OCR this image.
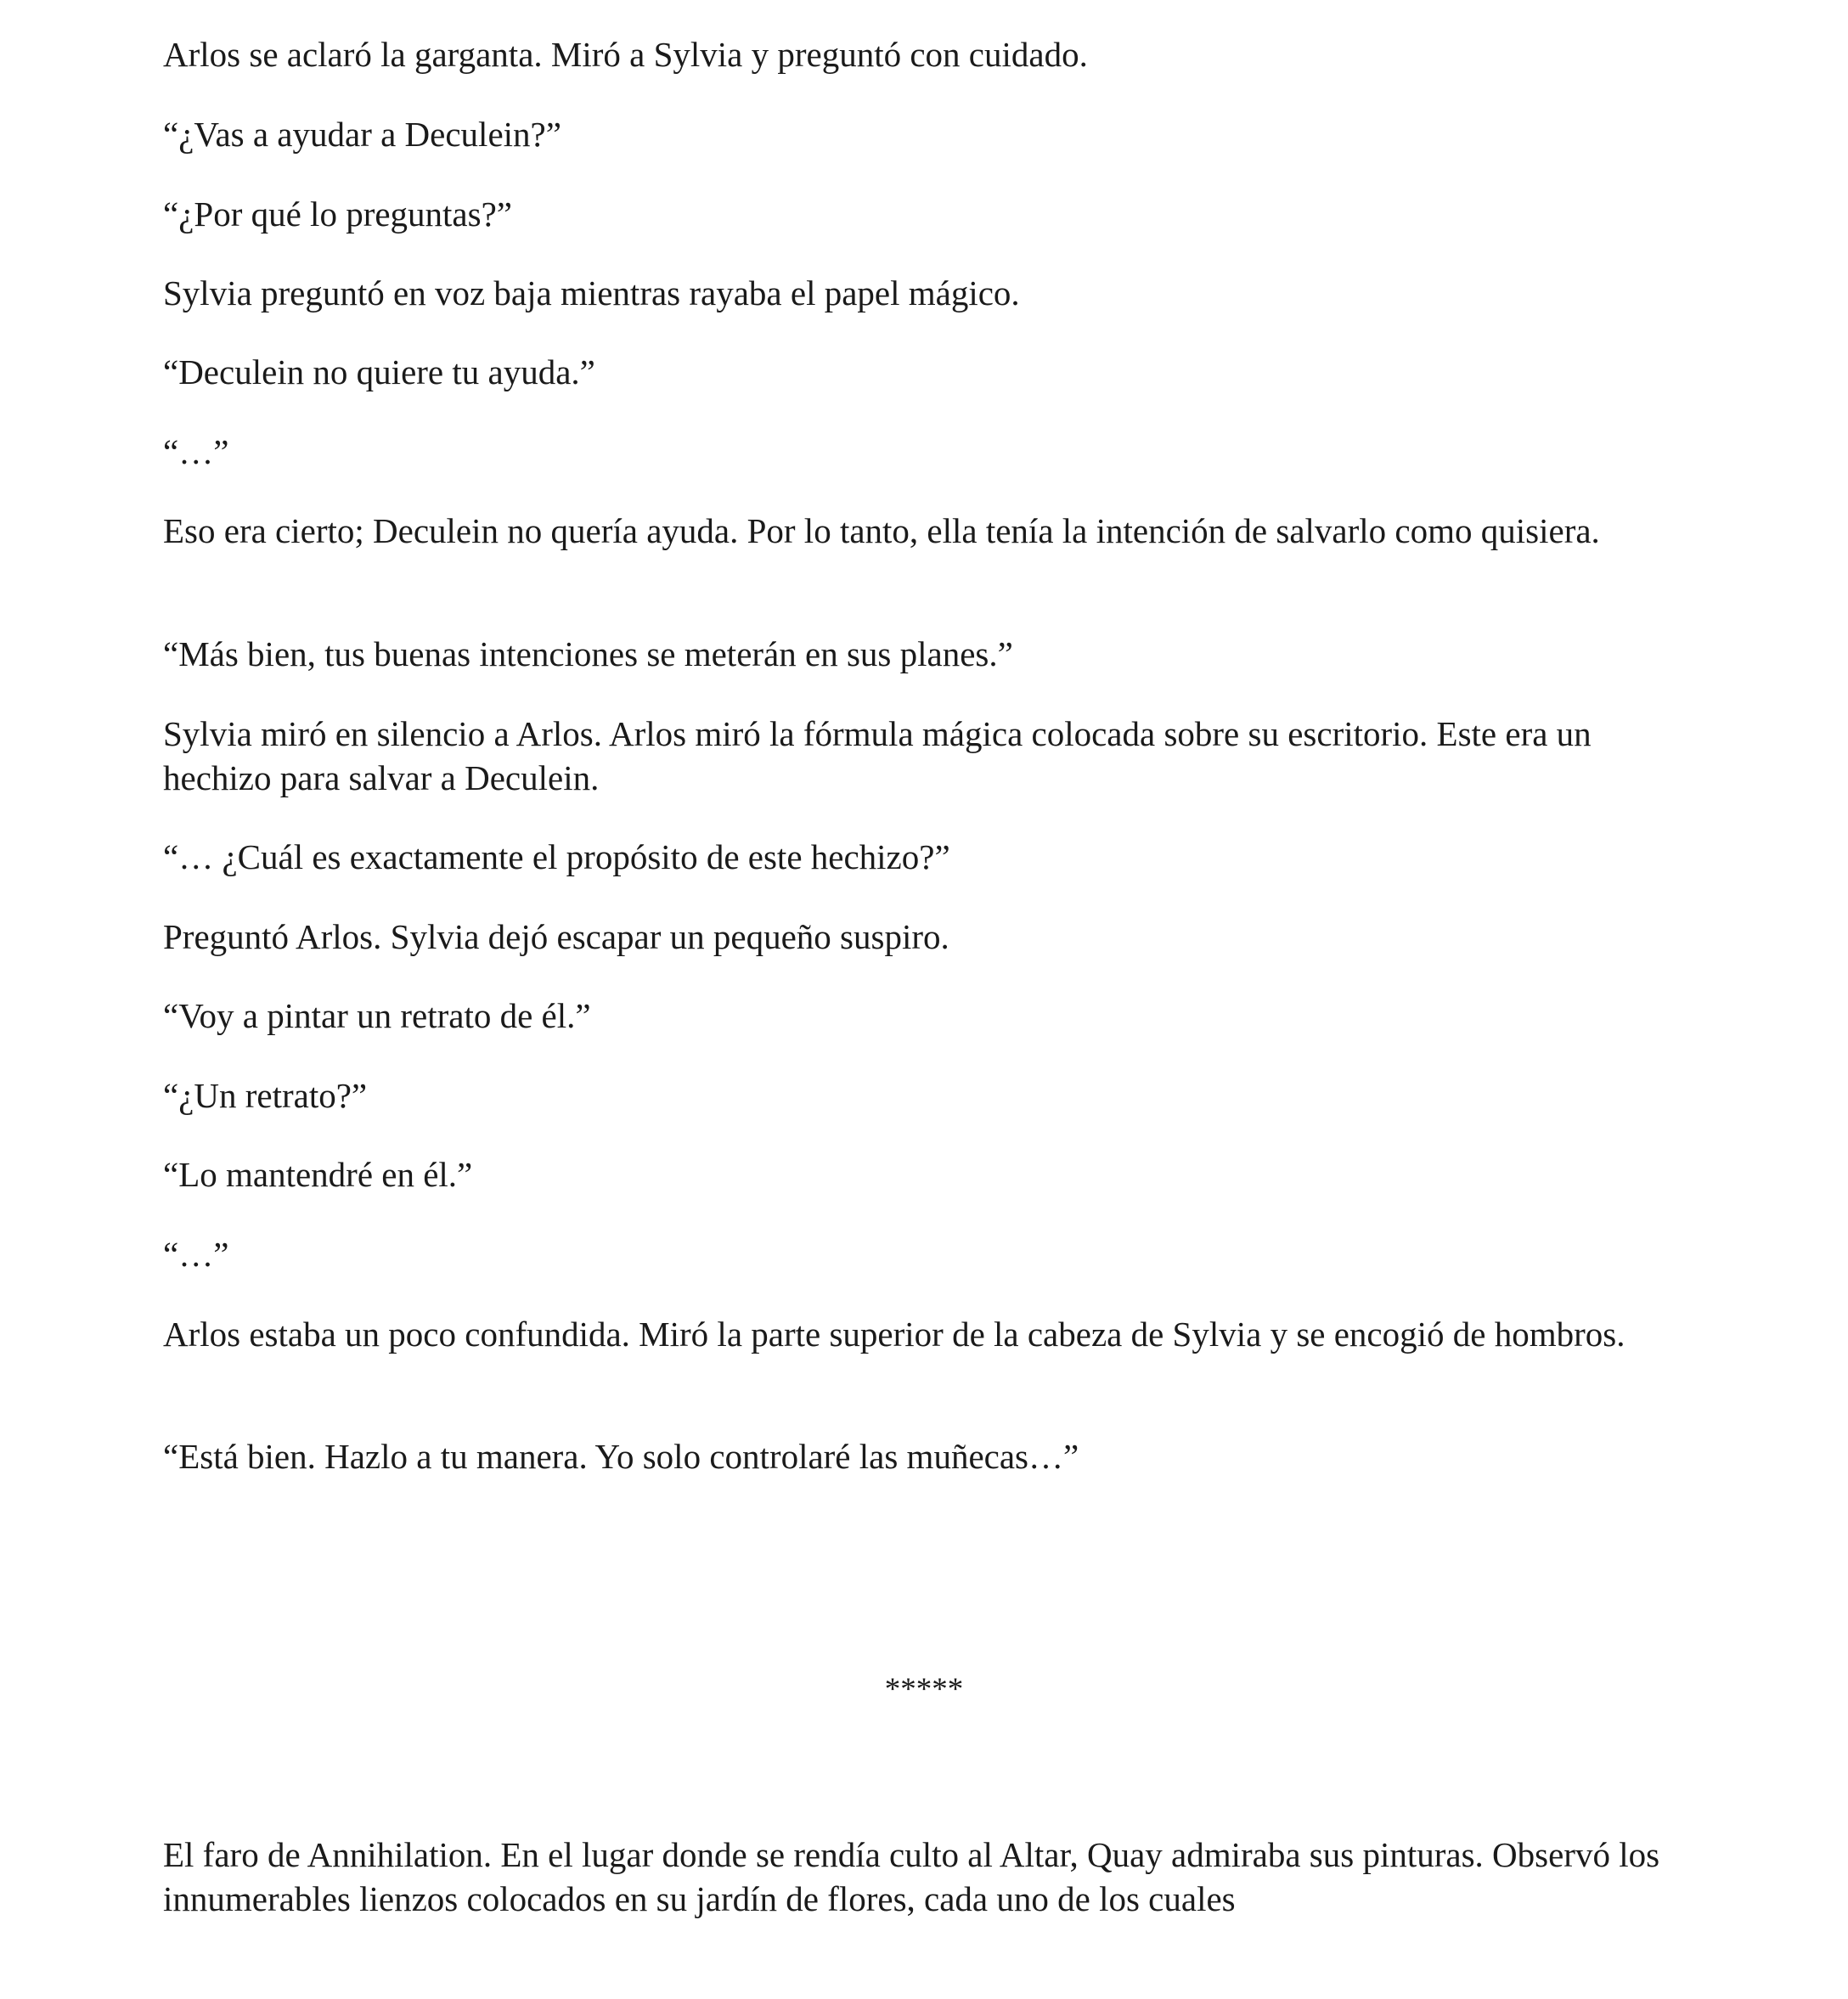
Arlos se aclaró la garganta. Miró a Sylvia y preguntó con cuidado.

“¿Vas a ayudar a Deculein?”

“¿Por qué lo preguntas?”

Sylvia preguntó en voz baja mientras rayaba el papel mágico.

“Deculein no quiere tu ayuda.”

“…”

Eso era cierto; Deculein no quería ayuda. Por lo tanto, ella tenía la intención de salvarlo como quisiera.

“Más bien, tus buenas intenciones se meterán en sus planes.”

Sylvia miró en silencio a Arlos. Arlos miró la fórmula mágica colocada sobre su escritorio. Este era un hechizo para salvar a Deculein.

“… ¿Cuál es exactamente el propósito de este hechizo?”

Preguntó Arlos. Sylvia dejó escapar un pequeño suspiro.

“Voy a pintar un retrato de él.”

“¿Un retrato?”

“Lo mantendré en él.”

“…”

Arlos estaba un poco confundida. Miró la parte superior de la cabeza de Sylvia y se encogió de hombros.

“Está bien. Hazlo a tu manera. Yo solo controlaré las muñecas…”

*****

El faro de Annihilation. En el lugar donde se rendía culto al Altar, Quay admiraba sus pinturas. Observó los innumerables lienzos colocados en su jardín de flores, cada uno de los cuales
